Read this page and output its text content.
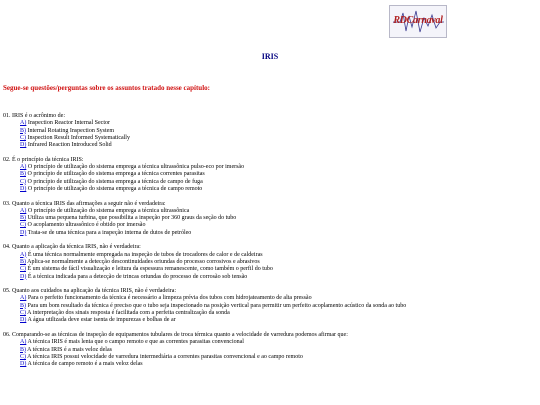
RDCarnaval
IRIS
Segue-se questões/perguntas sobre os assuntos tratado nesse capítulo:
01. IRIS é o acrônimo de:
A) Inspection Reactor Internal Sector
B) Internal Rotating Inspection System
C) Inspection Result Informed Systematically
D) Infrared Reaction Introduced Solid
02. É o princípio da técnica IRIS:
A) O princípio de utilização do sistema emprega a técnica ultrassônica pulso-eco por imersão
B) O princípio de utilização do sistema emprega a técnica correntes parasitas
C) O princípio de utilização do sistema emprega a técnica de campo de fuga
D) O princípio de utilização do sistema emprega a técnica de campo remoto
03. Quanto a técnica IRIS das afirmações a seguir não é verdadeira:
A) O princípio de utilização do sistema emprega a técnica ultrassônica
B) Utiliza uma pequena turbina, que possibilita a inspeção por 360 graus da seção do tubo
C) O acoplamento ultrassônico é obtido por imersão
D) Trata-se de uma técnica para a inspeção interna de dutos de petróleo
04. Quanto a aplicação da técnica IRIS, não é verdadeira:
A) É uma técnica normalmente empregada na inspeção de tubos de trocadores de calor e de caldeiras
B) Aplica-se normalmente a detecção descontinuidades oriundas do processo corrosivos e abrasivos
C) É um sistema de fácil visualização e leitura da espessura remanescente, como também o perfil do tubo
D) É a técnica indicada para a detecção de trincas oriundas do processo de corrosão sob tensão
05. Quanto aos cuidados na aplicação da técnica IRIS, não é verdadeira:
A) Para o perfeito funcionamento da técnica é necessário a limpeza prévia dos tubos com hidrojateamento de alta pressão
B) Para um bom resultado da técnica é preciso que o tubo seja inspecionado na posição vertical para permitir um perfeito acoplamento acústico da sonda ao tubo
C) A interpretação dos sinais resposta é facilitada com a perfeita centralização da sonda
D) A água utilizada deve estar isenta de impurezas e bolhas de ar
06. Comparando-se as técnicas de inspeção de equipamentos tubulares de troca térmica quanto a velocidade de varredura podemos afirmar que:
A) A técnica IRIS é mais lenta que o campo remoto e que as correntes parasitas convencional
B) A técnica IRIS é a mais veloz delas
C) A técnica IRIS possui velocidade de varredura intermediária a correntes parasitas convencional e ao campo remoto
D) A técnica de campo remoto é a mais veloz delas
